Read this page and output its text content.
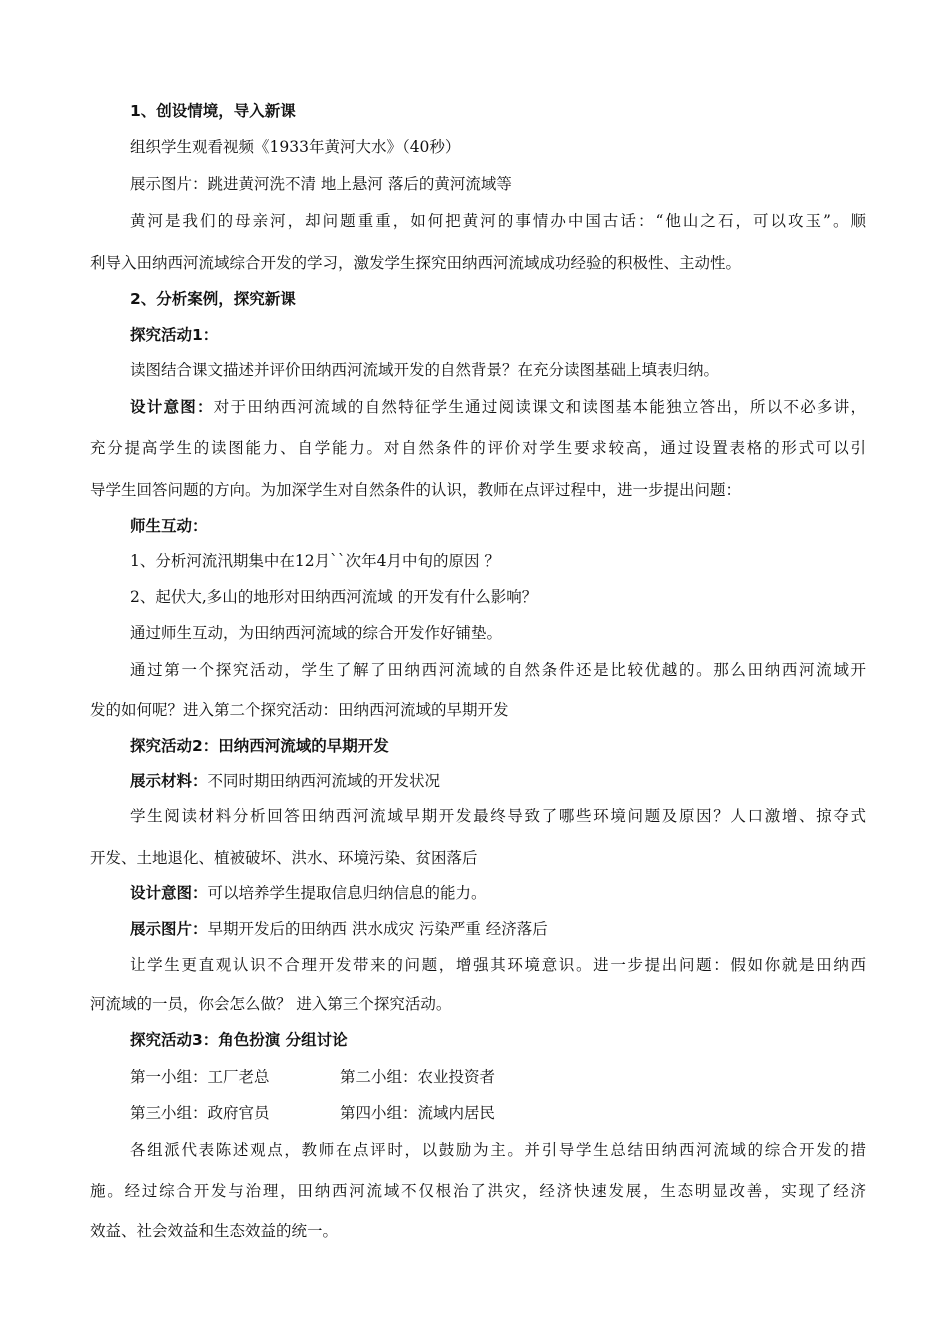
1、创设情境，导入新课
组织学生观看视频《1933年黄河大水》（40秒）
展示图片：跳进黄河洗不清 地上悬河 落后的黄河流域等
黄河是我们的母亲河，却问题重重，如何把黄河的事情办中国古话：“他山之石，可以攻玉”。顺
利导入田纳西河流域综合开发的学习，激发学生探究田纳西河流域成功经验的积极性、主动性。
2、分析案例，探究新课
探究活动1：
读图结合课文描述并评价田纳西河流域开发的自然背景？在充分读图基础上填表归纳。
设计意图：对于田纳西河流域的自然特征学生通过阅读课文和读图基本能独立答出，所以不必多讲，
充分提高学生的读图能力、自学能力。对自然条件的评价对学生要求较高，通过设置表格的形式可以引
导学生回答问题的方向。为加深学生对自然条件的认识，教师在点评过程中，进一步提出问题：
师生互动：
1、分析河流汛期集中在12月``次年4月中旬的原因 ？
2、起伏大,多山的地形对田纳西河流域 的开发有什么影响？
通过师生互动，为田纳西河流域的综合开发作好铺垫。
通过第一个探究活动，学生了解了田纳西河流域的自然条件还是比较优越的。那么田纳西河流域开
发的如何呢？进入第二个探究活动：田纳西河流域的早期开发
探究活动2：田纳西河流域的早期开发
展示材料：不同时期田纳西河流域的开发状况
学生阅读材料分析回答田纳西河流域早期开发最终导致了哪些环境问题及原因？人口激增、掠夺式
开发、土地退化、植被破坏、洪水、环境污染、贫困落后
设计意图：可以培养学生提取信息归纳信息的能力。
展示图片：早期开发后的田纳西 洪水成灾 污染严重 经济落后
让学生更直观认识不合理开发带来的问题，增强其环境意识。进一步提出问题：假如你就是田纳西
河流域的一员，你会怎么做？ 进入第三个探究活动。
探究活动3：角色扮演 分组讨论
第一小组：工厂老总	第二小组：农业投资者
第三小组：政府官员	第四小组：流域内居民
各组派代表陈述观点，教师在点评时，以鼓励为主。并引导学生总结田纳西河流域的综合开发的措
施。经过综合开发与治理，田纳西河流域不仅根治了洪灾，经济快速发展，生态明显改善，实现了经济
效益、社会效益和生态效益的统一。
